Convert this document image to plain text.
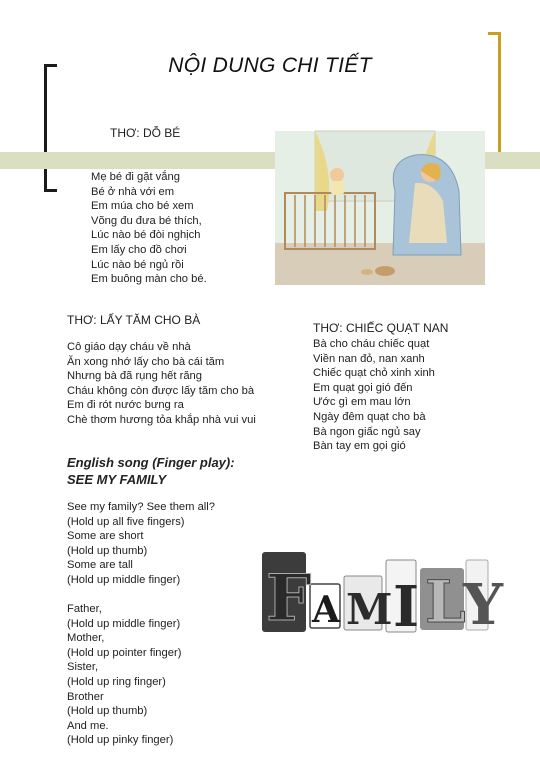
NỘI DUNG CHI TIẾT
THƠ: DỖ BÉ
Mẹ bé đi gặt vắng
Bé ở nhà với em
Em múa cho bé xem
Võng đu đưa bé thích,
Lúc nào bé đòi nghịch
Em lấy cho đồ chơi
Lúc nào bé ngủ rồi
Em buông màn cho bé.
THƠ: LẤY TĂM CHO BÀ
Cô giáo dạy cháu về nhà
Ăn xong nhớ lấy cho bà cái tăm
Nhưng bà đã rụng hết răng
Cháu không còn được lấy tăm cho bà
Em đi rót nước bưng ra
Chè thơm hương tỏa khắp nhà vui vui
THƠ: CHIẾC QUẠT NAN
Bà cho cháu chiếc quạt
Viền nan đỏ, nan xanh
Chiếc quạt chỏ xinh xinh
Em quạt gọi gió đến
Ước gì em mau lớn
Ngày đêm quạt cho bà
Bà ngon giấc ngủ say
Bàn tay em gọi gió
English song (Finger play):
SEE MY FAMILY
See my family? See them all?
(Hold up all five fingers)
Some are short
(Hold up thumb)
Some are tall
(Hold up middle finger)
Father,
(Hold up middle finger)
Mother,
(Hold up pointer finger)
Sister,
(Hold up ring finger)
Brother
(Hold up thumb)
And me.
(Hold up pinky finger)
F A M I L
Y
